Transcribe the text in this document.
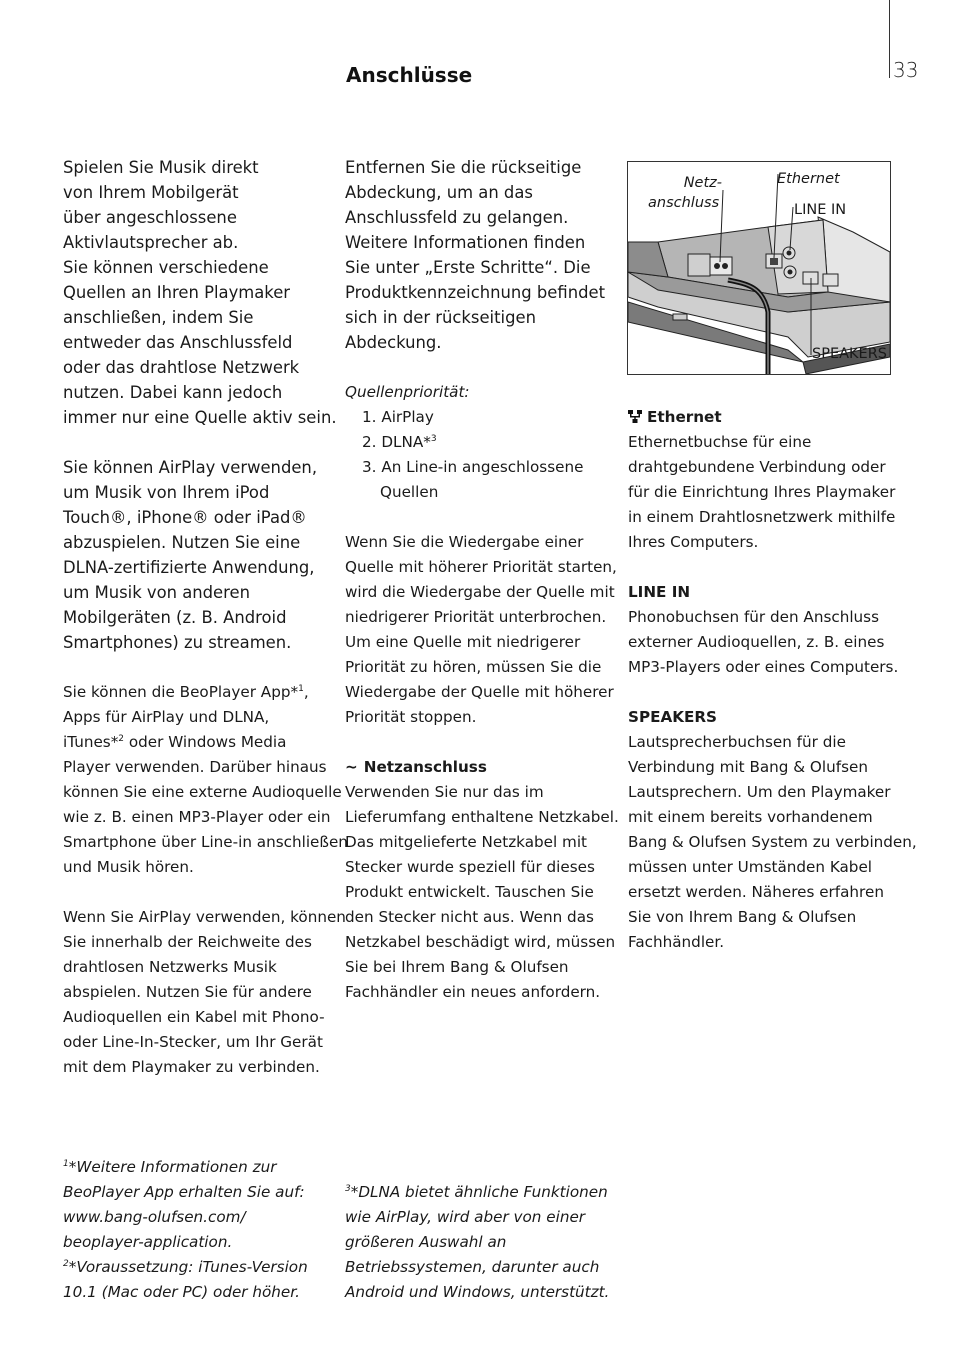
33
Anschlüsse
Spielen Sie Musik direkt
von Ihrem Mobilgerät
über angeschlossene
Aktivlautsprecher ab.
Sie können verschiedene
Quellen an Ihren Playmaker
anschließen, indem Sie
entweder das Anschlussfeld
oder das drahtlose Netzwerk
nutzen. Dabei kann jedoch
immer nur eine Quelle aktiv sein.
Sie können AirPlay verwenden,
um Musik von Ihrem iPod
Touch®, iPhone® oder iPad®
abzuspielen. Nutzen Sie eine
DLNA-zertifizierte Anwendung,
um Musik von anderen
Mobilgeräten (z. B. Android
Smartphones) zu streamen.
Sie können die BeoPlayer App*$^1$,
Apps für AirPlay und DLNA,
iTunes*$^2$ oder Windows Media
Player verwenden. Darüber hinaus
können Sie eine externe Audioquelle
wie z. B. einen MP3-Player oder ein
Smartphone über Line-in anschließen
und Musik hören.
Wenn Sie AirPlay verwenden, können
Sie innerhalb der Reichweite des
drahtlosen Netzwerks Musik
abspielen. Nutzen Sie für andere
Audioquellen ein Kabel mit Phono-
oder Line-In-Stecker, um Ihr Gerät
mit dem Playmaker zu verbinden.
$^1$*Weitere Informationen zur
BeoPlayer App erhalten Sie auf:
www.bang-olufsen.com/
beoplayer-application.
$^2$*Voraussetzung: iTunes-Version
10.1 (Mac oder PC) oder höher.
Entfernen Sie die rückseitige
Abdeckung, um an das
Anschlussfeld zu gelangen.
Weitere Informationen finden
Sie unter „Erste Schritte“. Die
Produktkennzeichnung befindet
sich in der rückseitigen
Abdeckung.
Quellenpriorität:
1. AirPlay
2. DLNA*$^3$
3. An Line-in angeschlossene
Quellen
Wenn Sie die Wiedergabe einer
Quelle mit höherer Priorität starten,
wird die Wiedergabe der Quelle mit
niedrigerer Priorität unterbrochen.
Um eine Quelle mit niedrigerer
Priorität zu hören, müssen Sie die
Wiedergabe der Quelle mit höherer
Priorität stoppen.
~ Netzanschluss
Verwenden Sie nur das im
Lieferumfang enthaltene Netzkabel.
Das mitgelieferte Netzkabel mit
Stecker wurde speziell für dieses
Produkt entwickelt. Tauschen Sie
den Stecker nicht aus. Wenn das
Netzkabel beschädigt wird, müssen
Sie bei Ihrem Bang & Olufsen
Fachhändler ein neues anfordern.
$^3$*DLNA bietet ähnliche Funktionen
wie AirPlay, wird aber von einer
größeren Auswahl an
Betriebssystemen, darunter auch
Android und Windows, unterstützt.
Netz-
anschluss
Ethernet
LINE IN
SPEAKERS
Ethernet
Ethernetbuchse für eine
drahtgebundene Verbindung oder
für die Einrichtung Ihres Playmaker
in einem Drahtlosnetzwerk mithilfe
Ihres Computers.
LINE IN
Phonobuchsen für den Anschluss
externer Audioquellen, z. B. eines
MP3-Players oder eines Computers.
SPEAKERS
Lautsprecherbuchsen für die
Verbindung mit Bang & Olufsen
Lautsprechern. Um den Playmaker
mit einem bereits vorhandenem
Bang & Olufsen System zu verbinden,
müssen unter Umständen Kabel
ersetzt werden. Näheres erfahren
Sie von Ihrem Bang & Olufsen
Fachhändler.
